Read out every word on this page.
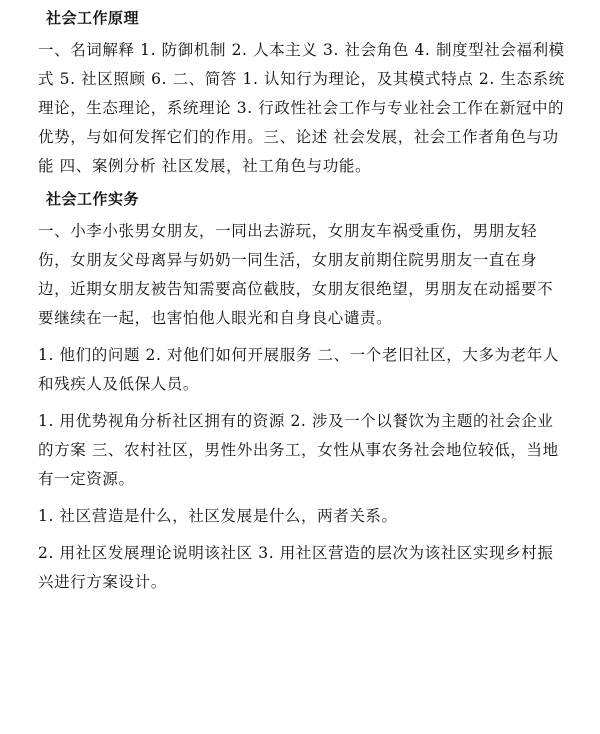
社会工作原理

一、名词解释 1. 防御机制 2. 人本主义 3. 社会角色 4. 制度型社会福利模式 5. 社区照顾 6. 二、简答 1. 认知行为理论，及其模式特点 2. 生态系统理论，生态理论，系统理论 3. 行政性社会工作与专业社会工作在新冠中的优势，与如何发挥它们的作用。三、论述 社会发展，社会工作者角色与功能 四、案例分析 社区发展，社工角色与功能。

社会工作实务

一、小李小张男女朋友，一同出去游玩，女朋友车祸受重伤，男朋友轻伤，女朋友父母离异与奶奶一同生活，女朋友前期住院男朋友一直在身边，近期女朋友被告知需要高位截肢，女朋友很绝望，男朋友在动摇要不要继续在一起，也害怕他人眼光和自身良心谴责。

1. 他们的问题 2. 对他们如何开展服务 二、一个老旧社区，大多为老年人和残疾人及低保人员。

1. 用优势视角分析社区拥有的资源 2. 涉及一个以餐饮为主题的社会企业的方案 三、农村社区，男性外出务工，女性从事农务社会地位较低，当地有一定资源。

1. 社区营造是什么，社区发展是什么，两者关系。

2. 用社区发展理论说明该社区 3. 用社区营造的层次为该社区实现乡村振兴进行方案设计。
